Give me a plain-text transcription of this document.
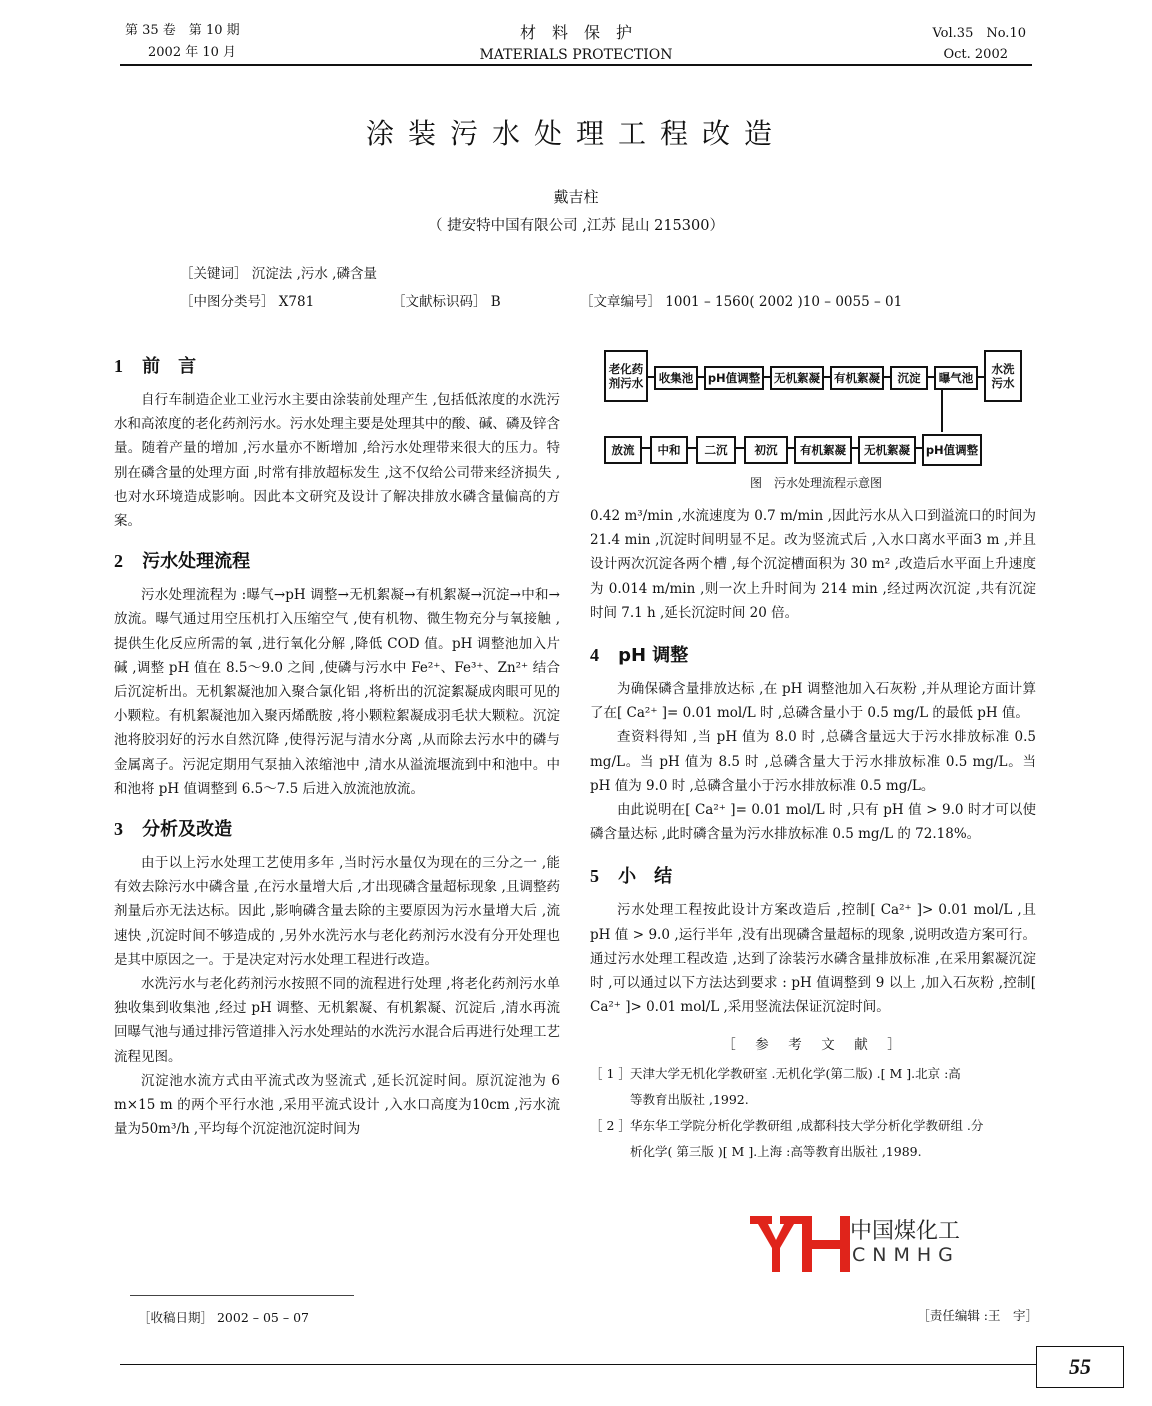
第 35 卷　第 10 期
2002 年 10 月
材　料　保　护
MATERIALS PROTECTION
Vol.35　No.10
Oct. 2002
涂装污水处理工程改造
戴吉柱
（ 捷安特中国有限公司 ,江苏 昆山 215300）
［关键词］ 沉淀法 ,污水 ,磷含量
［中图分类号］ X781	［文献标识码］ B	［文章编号］ 1001 – 1560( 2002 )10 – 0055 – 01
1 前　言

自行车制造企业工业污水主要由涂装前处理产生 ,包括低浓度的水洗污水和高浓度的老化药剂污水。污水处理主要是处理其中的酸、碱、磷及锌含量。随着产量的增加 ,污水量亦不断增加 ,给污水处理带来很大的压力。特别在磷含量的处理方面 ,时常有排放超标发生 ,这不仅给公司带来经济损失 ,也对水环境造成影响。因此本文研究及设计了解决排放水磷含量偏高的方案。

2 污水处理流程

污水处理流程为 :曝气→pH 调整→无机絮凝→有机絮凝→沉淀→中和→放流。曝气通过用空压机打入压缩空气 ,使有机物、微生物充分与氧接触 ,提供生化反应所需的氧 ,进行氧化分解 ,降低 COD 值。pH 调整池加入片碱 ,调整 pH 值在 8.5～9.0 之间 ,使磷与污水中 Fe²⁺、Fe³⁺、Zn²⁺ 结合后沉淀析出。无机絮凝池加入聚合氯化铝 ,将析出的沉淀絮凝成肉眼可见的小颗粒。有机絮凝池加入聚丙烯酰胺 ,将小颗粒絮凝成羽毛状大颗粒。沉淀池将胶羽好的污水自然沉降 ,使得污泥与清水分离 ,从而除去污水中的磷与金属离子。污泥定期用气泵抽入浓缩池中 ,清水从溢流堰流到中和池中。中和池将 pH 值调整到 6.5～7.5 后进入放流池放流。

3 分析及改造

由于以上污水处理工艺使用多年 ,当时污水量仅为现在的三分之一 ,能有效去除污水中磷含量 ,在污水量增大后 ,才出现磷含量超标现象 ,且调整药剂量后亦无法达标。因此 ,影响磷含量去除的主要原因为污水量增大后 ,流速快 ,沉淀时间不够造成的 ,另外水洗污水与老化药剂污水没有分开处理也是其中原因之一。于是决定对污水处理工程进行改造。

水洗污水与老化药剂污水按照不同的流程进行处理 ,将老化药剂污水单独收集到收集池 ,经过 pH 调整、无机絮凝、有机絮凝、沉淀后 ,清水再流回曝气池与通过排污管道排入污水处理站的水洗污水混合后再进行处理工艺流程见图。

沉淀池水流方式由平流式改为竖流式 ,延长沉淀时间。原沉淀池为 6 m×15 m 的两个平行水池 ,采用平流式设计 ,入水口高度为10cm ,污水流量为50m³/h ,平均每个沉淀池沉淀时间为

［收稿日期］ 2002 – 05 – 07
老化药剂污水	收集池	pH值调整	无机絮凝	有机絮凝	沉淀	曝气池
水洗污水
放流	中和	二沉	初沉	有机絮凝	无机絮凝	pH值调整
图　污水处理流程示意图

0.42 m³/min ,水流速度为 0.7 m/min ,因此污水从入口到溢流口的时间为 21.4 min ,沉淀时间明显不足。改为竖流式后 ,入水口离水平面3 m ,并且设计两次沉淀各两个槽 ,每个沉淀槽面积为 30 m² ,改造后水平面上升速度为 0.014 m/min ,则一次上升时间为 214 min ,经过两次沉淀 ,共有沉淀时间 7.1 h ,延长沉淀时间 20 倍。

4 pH 调整

为确保磷含量排放达标 ,在 pH 调整池加入石灰粉 ,并从理论方面计算了在[ Ca²⁺ ]= 0.01 mol/L 时 ,总磷含量小于 0.5 mg/L 的最低 pH 值。

查资料得知 ,当 pH 值为 8.0 时 ,总磷含量远大于污水排放标准 0.5 mg/L。当 pH 值为 8.5 时 ,总磷含量大于污水排放标准 0.5 mg/L。当 pH 值为 9.0 时 ,总磷含量小于污水排放标准 0.5 mg/L。

由此说明在[ Ca²⁺ ]= 0.01 mol/L 时 ,只有 pH 值 > 9.0 时才可以使磷含量达标 ,此时磷含量为污水排放标准 0.5 mg/L 的 72.18%。

5 小　结

污水处理工程按此设计方案改造后 ,控制[ Ca²⁺ ]> 0.01 mol/L ,且 pH 值 > 9.0 ,运行半年 ,没有出现磷含量超标的现象 ,说明改造方案可行。通过污水处理工程改造 ,达到了涂装污水磷含量排放标准 ,在采用絮凝沉淀时 ,可以通过以下方法达到要求 : pH 值调整到 9 以上 ,加入石灰粉 ,控制[ Ca²⁺ ]> 0.01 mol/L ,采用竖流法保证沉淀时间。

［　参　考　文　献　］
［ 1 ］ 天津大学无机化学教研室 .无机化学(第二版) .[ M ].北京 :高
等教育出版社 ,1992.
［ 2 ］ 华东华工学院分析化学教研组 ,成都科技大学分析化学教研组 .分
析化学( 第三版 )[ M ].上海 :高等教育出版社 ,1989.
［责任编辑 :王　宇］
中国煤化工
CNMHG
55
